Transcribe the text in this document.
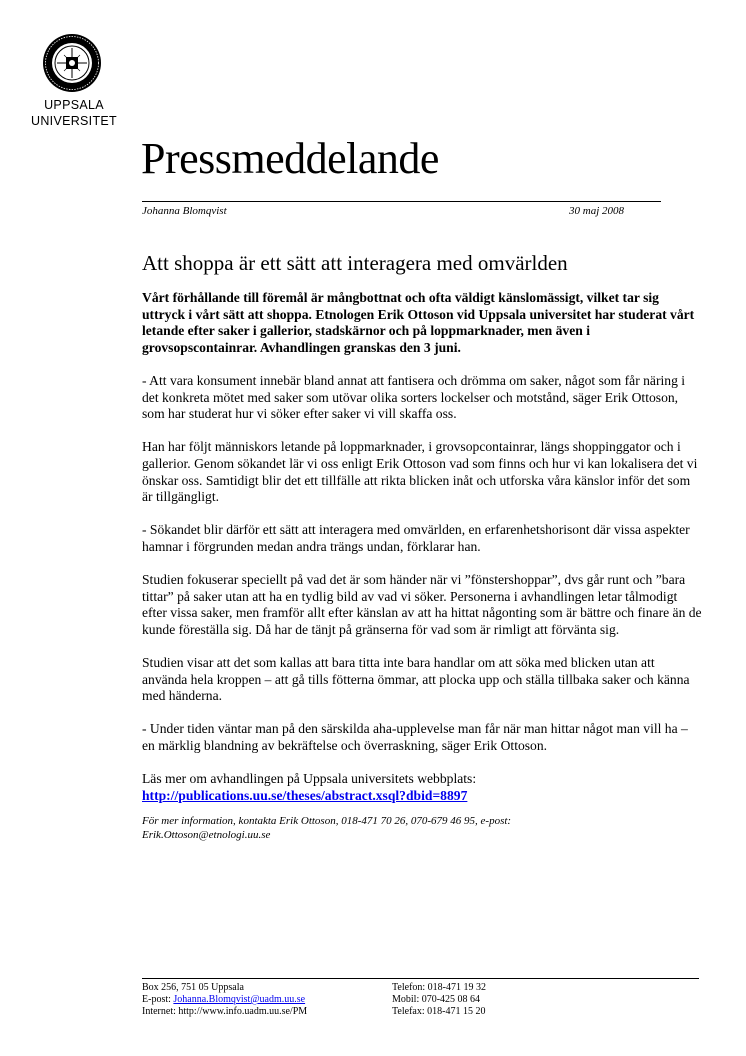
UPPSALA
UNIVERSITET
Pressmeddelande
Johanna Blomqvist	30 maj 2008
Att shoppa är ett sätt att interagera med omvärlden

Vårt förhållande till föremål är mångbottnat och ofta väldigt känslomässigt, vilket tar sig uttryck i vårt sätt att shoppa. Etnologen Erik Ottoson vid Uppsala universitet har studerat vårt letande efter saker i gallerior, stadskärnor och på loppmarknader, men även i grovsopscontainrar. Avhandlingen granskas den 3 juni.

- Att vara konsument innebär bland annat att fantisera och drömma om saker, något som får näring i det konkreta mötet med saker som utövar olika sorters lockelser och motstånd, säger Erik Ottoson, som har studerat hur vi söker efter saker vi vill skaffa oss.

Han har följt människors letande på loppmarknader, i grovsopcontainrar, längs shoppinggator och i gallerior. Genom sökandet lär vi oss enligt Erik Ottoson vad som finns och hur vi kan lokalisera det vi önskar oss. Samtidigt blir det ett tillfälle att rikta blicken inåt och utforska våra känslor inför det som är tillgängligt.

- Sökandet blir därför ett sätt att interagera med omvärlden, en erfarenhetshorisont där vissa aspekter hamnar i förgrunden medan andra trängs undan, förklarar han.

Studien fokuserar speciellt på vad det är som händer när vi ”fönstershoppar”, dvs går runt och ”bara tittar” på saker utan att ha en tydlig bild av vad vi söker. Personerna i avhandlingen letar tålmodigt efter vissa saker, men framför allt efter känslan av att ha hittat någonting som är bättre och finare än de kunde föreställa sig. Då har de tänjt på gränserna för vad som är rimligt att förvänta sig.

Studien visar att det som kallas att bara titta inte bara handlar om att söka med blicken utan att använda hela kroppen – att gå tills fötterna ömmar, att plocka upp och ställa tillbaka saker och känna med händerna.

- Under tiden väntar man på den särskilda aha-upplevelse man får när man hittar något man vill ha – en märklig blandning av bekräftelse och överraskning, säger Erik Ottoson.

Läs mer om avhandlingen på Uppsala universitets webbplats:
http://publications.uu.se/theses/abstract.xsql?dbid=8897

För mer information, kontakta Erik Ottoson, 018-471 70 26, 070-679 46 95, e-post:
Erik.Ottoson@etnologi.uu.se

Box 256, 751 05 Uppsala
E-post: Johanna.Blomqvist@uadm.uu.se
Internet: http://www.info.uadm.uu.se/PM
Telefon: 018-471 19 32
Mobil: 070-425 08 64
Telefax: 018-471 15 20
